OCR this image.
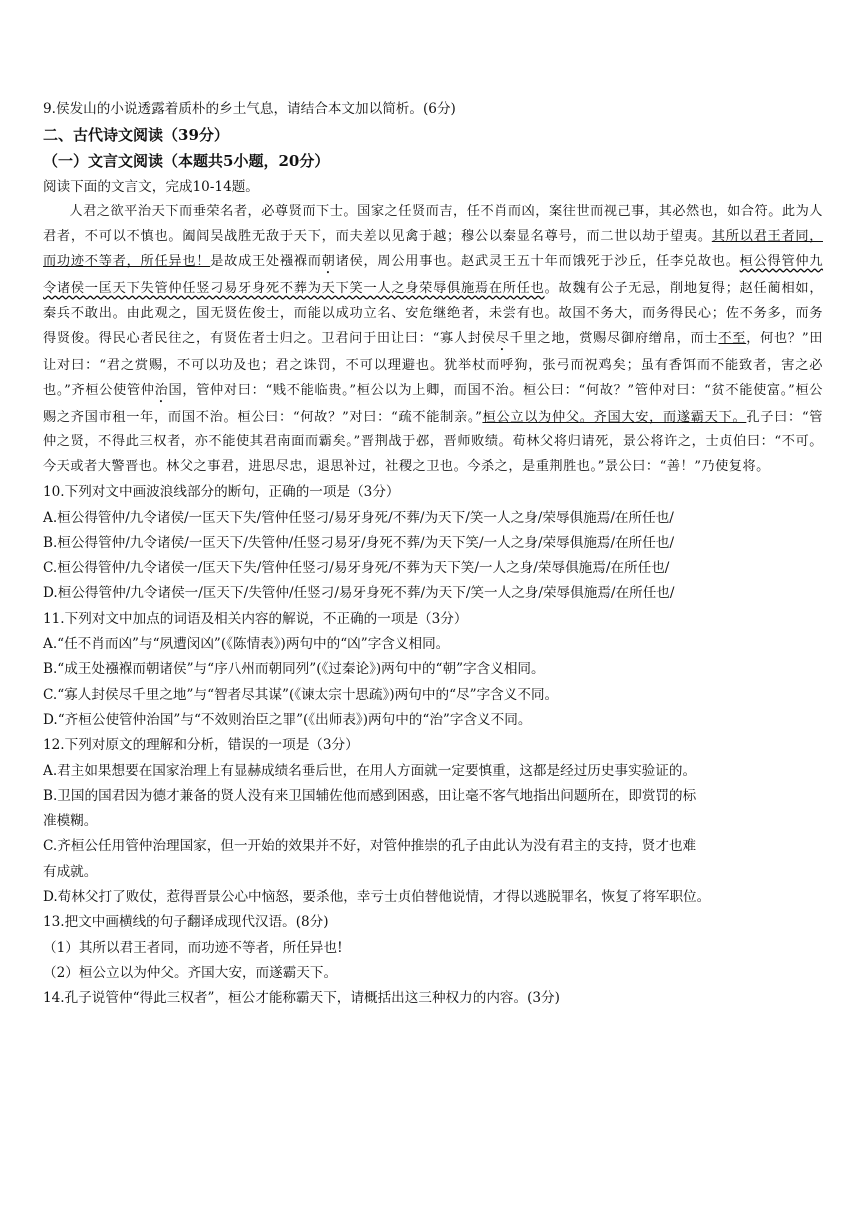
9.侯发山的小说透露着质朴的乡土气息，请结合本文加以简析。(6分)

二、古代诗文阅读（39分）

（一）文言文阅读（本题共5小题，20分）

阅读下面的文言文，完成10-14题。

人君之欲平治天下而垂荣名者，必尊贤而下士。国家之任贤而吉，任不肖而凶，案往世而视己事，其必然也，如合符。此为人君者，不可以不慎也。阖闾吴战胜无敌于天下，而夫差以见禽于越；穆公以秦显名尊号，而二世以劫于望夷。其所以君王者同，而功迹不等者，所任异也！是故成王处襁褓而朝诸侯，周公用事也。赵武灵王五十年而饿死于沙丘，任李兑故也。桓公得管仲九令诸侯一匡天下失管仲任竖刁易牙身死不葬为天下笑一人之身荣辱俱施焉在所任也。故魏有公子无忌，削地复得；赵任蔺相如，秦兵不敢出。由此观之，国无贤佐俊士，而能以成功立名、安危继绝者，未尝有也。故国不务大，而务得民心；佐不务多，而务得贤俊。得民心者民往之，有贤佐者士归之。卫君问于田让曰：“寡人封侯尽千里之地，赏赐尽御府缯帛，而士不至，何也？”田让对曰：“君之赏赐，不可以功及也；君之诛罚，不可以理避也。犹举杖而呼狗，张弓而祝鸡矣；虽有香饵而不能致者，害之必也。”齐桓公使管仲治国，管仲对曰：“贱不能临贵。”桓公以为上卿，而国不治。桓公曰：“何故？”管仲对曰：“贫不能使富。”桓公赐之齐国市租一年，而国不治。桓公曰：“何故？”对曰：“疏不能制亲。”桓公立以为仲父。齐国大安，而遂霸天下。孔子曰：“管仲之贤，不得此三权者，亦不能使其君南面而霸矣。”晋荆战于邲，晋师败绩。荀林父将归请死，景公将许之，士贞伯曰：“不可。今天或者大警晋也。林父之事君，进思尽忠，退思补过，社稷之卫也。今杀之，是重荆胜也。”景公曰：“善！”乃使复将。

10.下列对文中画波浪线部分的断句，正确的一项是（3分）

A.桓公得管仲/九令诸侯/一匡天下失/管仲任竖刁/易牙身死/不葬/为天下/笑一人之身/荣辱俱施焉/在所任也/

B.桓公得管仲/九令诸侯/一匡天下/失管仲/任竖刁易牙/身死不葬/为天下笑/一人之身/荣辱俱施焉/在所任也/

C.桓公得管仲/九令诸侯一/匡天下失/管仲任竖刁/易牙身死/不葬为天下笑/一人之身/荣辱俱施焉/在所任也/

D.桓公得管仲/九令诸侯一/匡天下/失管仲/任竖刁/易牙身死不葬/为天下/笑一人之身/荣辱俱施焉/在所任也/

11.下列对文中加点的词语及相关内容的解说，不正确的一项是（3分）

A.“任不肖而凶”与“夙遭闵凶”(《陈情表》)两句中的“凶”字含义相同。

B.“成王处襁褓而朝诸侯”与“序八州而朝同列”(《过秦论》)两句中的“朝”字含义相同。

C.“寡人封侯尽千里之地”与“智者尽其谋”(《谏太宗十思疏》)两句中的“尽”字含义不同。

D.“齐桓公使管仲治国”与“不效则治臣之罪”(《出师表》)两句中的“治”字含义不同。

12.下列对原文的理解和分析，错误的一项是（3分）

A.君主如果想要在国家治理上有显赫成绩名垂后世，在用人方面就一定要慎重，这都是经过历史事实验证的。

B.卫国的国君因为德才兼备的贤人没有来卫国辅佐他而感到困惑，田让毫不客气地指出问题所在，即赏罚的标

准模糊。

C.齐桓公任用管仲治理国家，但一开始的效果并不好，对管仲推崇的孔子由此认为没有君主的支持，贤才也难

有成就。

D.荀林父打了败仗，惹得晋景公心中恼怒，要杀他，幸亏士贞伯替他说情，才得以逃脱罪名，恢复了将军职位。

13.把文中画横线的句子翻译成现代汉语。(8分)

（1）其所以君王者同，而功迹不等者，所任异也!

（2）桓公立以为仲父。齐国大安，而遂霸天下。

14.孔子说管仲“得此三权者”，桓公才能称霸天下，请概括出这三种权力的内容。(3分)
